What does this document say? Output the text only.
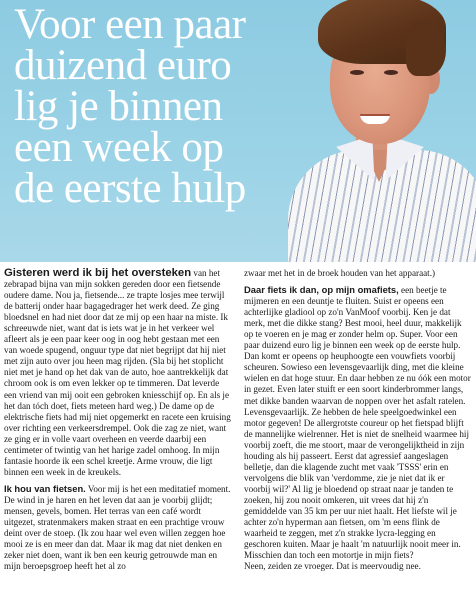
Voor een paar
duizend euro
lig je binnen
een week op
de eerste hulp

Gisteren werd ik bij het oversteken van het zebrapad bijna van mijn sokken gereden door een fietsende oudere dame. Nou ja, fietsende... ze trapte losjes mee terwijl de batterij onder haar bagagedrager het werk deed. Ze ging bloedsnel en had niet door dat ze mij op een haar na miste. Ik schreeuwde niet, want dat is iets wat je in het verkeer wel afleert als je een paar keer oog in oog hebt gestaan met een van woede spugend, onguur type dat niet begrijpt dat hij niet met zijn auto over jou heen mag rijden. (Sla bij het stoplicht niet met je hand op het dak van de auto, hoe aantrekkelijk dat chroom ook is om even lekker op te timmeren. Dat leverde een vriend van mij ooit een gebroken kniesschijf op. En als je het dan tóch doet, fiets meteen hard weg.) De dame op de elektrische fiets had mij niet opgemerkt en racete een kruising over richting een verkeersdrempel. Ook die zag ze niet, want ze ging er in volle vaart overheen en veerde daarbij een centimeter of twintig van het harige zadel omhoog. In mijn fantasie hoorde ik een schel kreetje. Arme vrouw, die ligt binnen een week in de kreukels.

Ik hou van fietsen. Voor mij is het een meditatief moment. De wind in je haren en het leven dat aan je voorbij glijdt; mensen, gevels, bomen. Het terras van een café wordt uitgezet, stratenmakers maken straat en een prachtige vrouw deint over de stoep. (Ik zou haar wel even willen zeggen hoe mooi ze is en meer dan dat. Maar ik mag dat niet denken en zeker niet doen, want ik ben een keurig getrouwde man en mijn beroepsgroep heeft het al zo

zwaar met het in de broek houden van het apparaat.)

Daar fiets ik dan, op mijn omafiets, een beetje te mijmeren en een deuntje te fluiten. Suist er opeens een achterlijke gladiool op zo'n VanMoof voorbij. Ken je dat merk, met die dikke stang? Best mooi, heel duur, makkelijk op te voeren en je mag er zonder helm op. Super. Voor een paar duizend euro lig je binnen een week op de eerste hulp. Dan komt er opeens op heuphoogte een vouwfiets voorbij scheuren. Sowieso een levensgevaarlijk ding, met die kleine wielen en dat hoge stuur. En daar hebben ze nu óók een motor in gezet. Even later stuift er een soort kinderbrommer langs, met dikke banden waarvan de noppen over het asfalt ratelen. Levensgevaarlijk. Ze hebben de hele speelgoedwinkel een motor gegeven! De allergrotste coureur op het fietspad blijft de mannelijke wielrenner. Het is niet de snelheid waarmee hij voorbij zoeft, die me stoort, maar de verongelijktheid in zijn houding als hij passeert. Eerst dat agressief aangeslagen belletje, dan die klagende zucht met vaak 'TSSS' erin en vervolgens die blik van 'verdomme, zie je niet dat ik er voorbij wil?' Al lig je bloedend op straat naar je tanden te zoeken, hij zou nooit omkeren, uit vrees dat hij z'n gemiddelde van 35 km per uur niet haalt. Het liefste wil je achter zo'n hyperman aan fietsen, om 'm eens flink de waarheid te zeggen, met z'n strakke lycra-legging en geschoren kuiten. Maar je haalt 'm natuurlijk nooit meer in. Misschien dan toch een motortje in mijn fiets?

Neen, zeiden ze vroeger. Dat is meervoudig nee.
